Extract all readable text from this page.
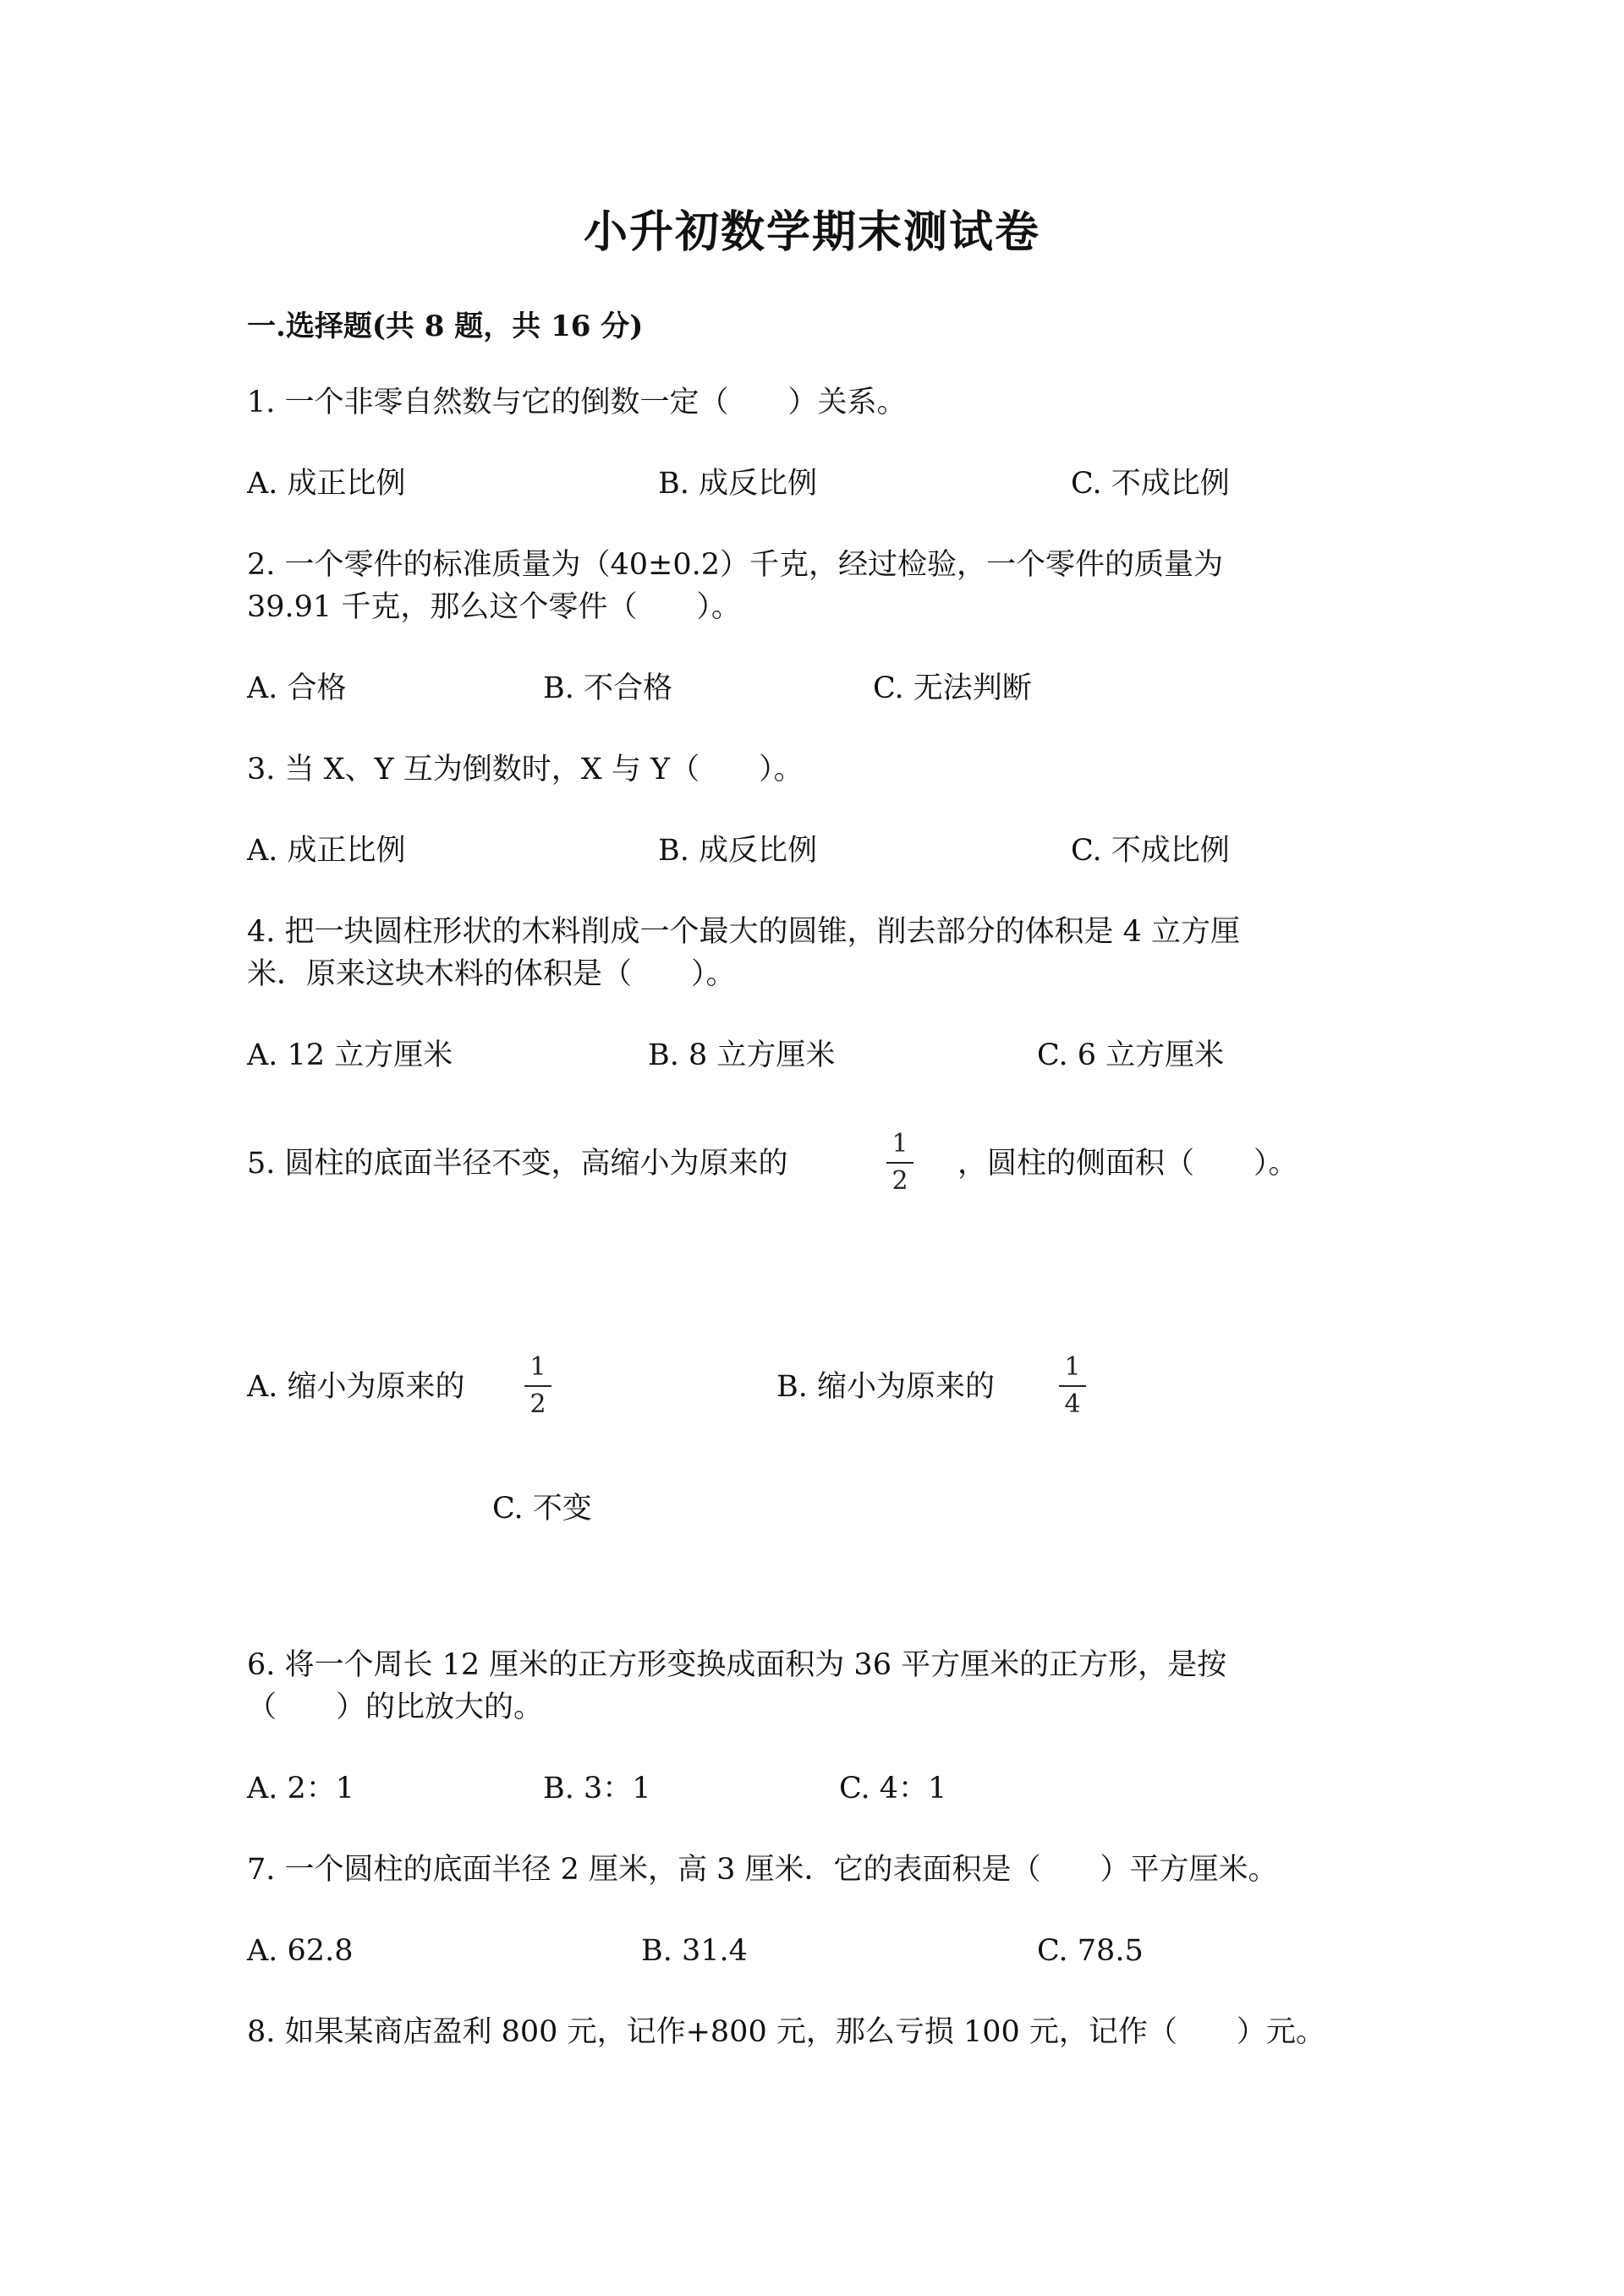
小升初数学期末测试卷
一.选择题(共 8 题，共 16 分)
1. 一个非零自然数与它的倒数一定（　　）关系。
A. 成正比例	B. 成反比例	C. 不成比例
2. 一个零件的标准质量为（40±0.2）千克，经过检验，一个零件的质量为
39.91 千克，那么这个零件（　　）。
A. 合格	B. 不合格	C. 无法判断
3. 当 X、Y 互为倒数时，X 与 Y（　　）。
A. 成正比例	B. 成反比例	C. 不成比例
4. 把一块圆柱形状的木料削成一个最大的圆锥，削去部分的体积是 4 立方厘
米．原来这块木料的体积是（　　）。
A. 12 立方厘米	B. 8 立方厘米	C. 6 立方厘米
5. 圆柱的底面半径不变，高缩小为原来的
1
2
，圆柱的侧面积（　　）。
A. 缩小为原来的
1
2
B. 缩小为原来的
1
4
C. 不变
6. 将一个周长 12 厘米的正方形变换成面积为 36 平方厘米的正方形，是按
（　　）的比放大的。
A. 2：1	B. 3：1	C. 4：1
7. 一个圆柱的底面半径 2 厘米，高 3 厘米．它的表面积是（　　）平方厘米。
A. 62.8	B. 31.4	C. 78.5
8. 如果某商店盈利 800 元，记作+800 元，那么亏损 100 元，记作（　　）元。
